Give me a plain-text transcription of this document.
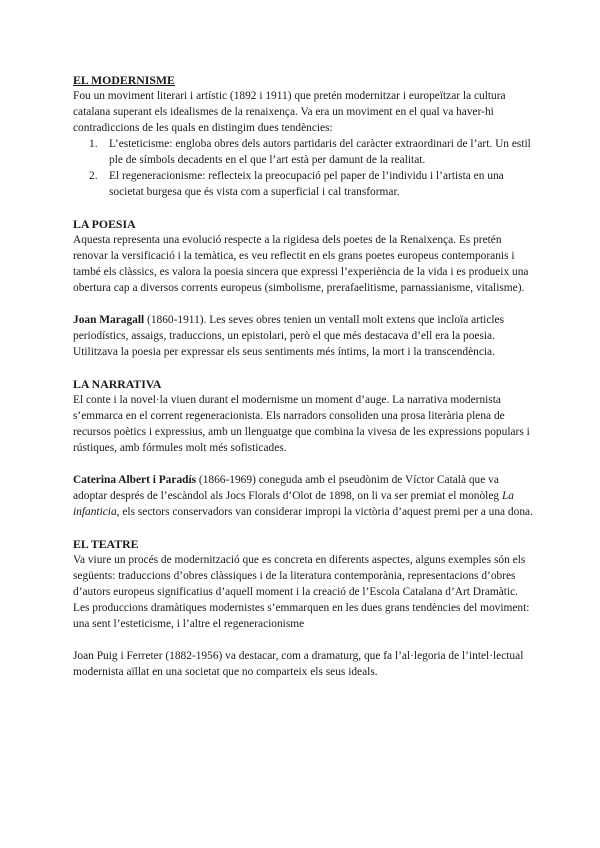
EL MODERNISME

Fou un moviment literari i artístic (1892 i 1911) que pretén modernitzar i europeïtzar la cultura catalana superant els idealismes de la renaixença. Va era un moviment en el qual va haver-hi contradiccions de les quals en distingim dues tendències:

1. L’esteticisme: engloba obres dels autors partidaris del caràcter extraordinari de l’art. Un estil ple de símbols decadents en el que l’art està per damunt de la realitat.
2. El regeneracionisme: reflecteix la preocupació pel paper de l’individu i l’artista en una societat burgesa que és vista com a superficial i cal transformar.
LA POESIA

Aquesta representa una evolució respecte a la rigidesa dels poetes de la Renaixença. Es pretén renovar la versificació i la temàtica, es veu reflectit en els grans poetes europeus contemporanis i també els clàssics, es valora la poesia sincera que expressi l’experiència de la vida i es produeix una obertura cap a diversos corrents europeus (simbolisme, prerafaelitisme, parnassianisme, vitalisme).

Joan Maragall (1860-1911). Les seves obres tenien un ventall molt extens que incloïa articles periodístics, assaigs, traduccions, un epistolari, però el que més destacava d’ell era la poesia. Utilitzava la poesia per expressar els seus sentiments més íntims, la mort i la transcendència.

LA NARRATIVA

El conte i la novel·la viuen durant el modernisme un moment d’auge. La narrativa modernista s’emmarca en el corrent regeneracionista. Els narradors consoliden una prosa literària plena de recursos poètics i expressius, amb un llenguatge que combina la vivesa de les expressions populars i rústiques, amb fórmules molt més sofisticades.

Caterina Albert i Paradís (1866-1969) coneguda amb el pseudònim de Víctor Català que va adoptar després de l’escàndol als Jocs Florals d’Olot de 1898, on li va ser premiat el monòleg La infanticia, els sectors conservadors van considerar impropi la victòria d’aquest premi per a una dona.

EL TEATRE

Va viure un procés de modernització que es concreta en diferents aspectes, alguns exemples són els següents: traduccions d’obres clàssiques i de la literatura contemporània, representacions d’obres d’autors europeus significatius d’aquell moment i la creació de l’Escola Catalana d’Art Dramàtic.

Les produccions dramàtiques modernistes s’emmarquen en les dues grans tendències del moviment: una sent l’esteticisme, i l’altre el regeneracionisme

Joan Puig i Ferreter (1882-1956) va destacar, com a dramaturg, que fa l’al·legoria de l’intel·lectual modernista aïllat en una societat que no comparteix els seus ideals.
